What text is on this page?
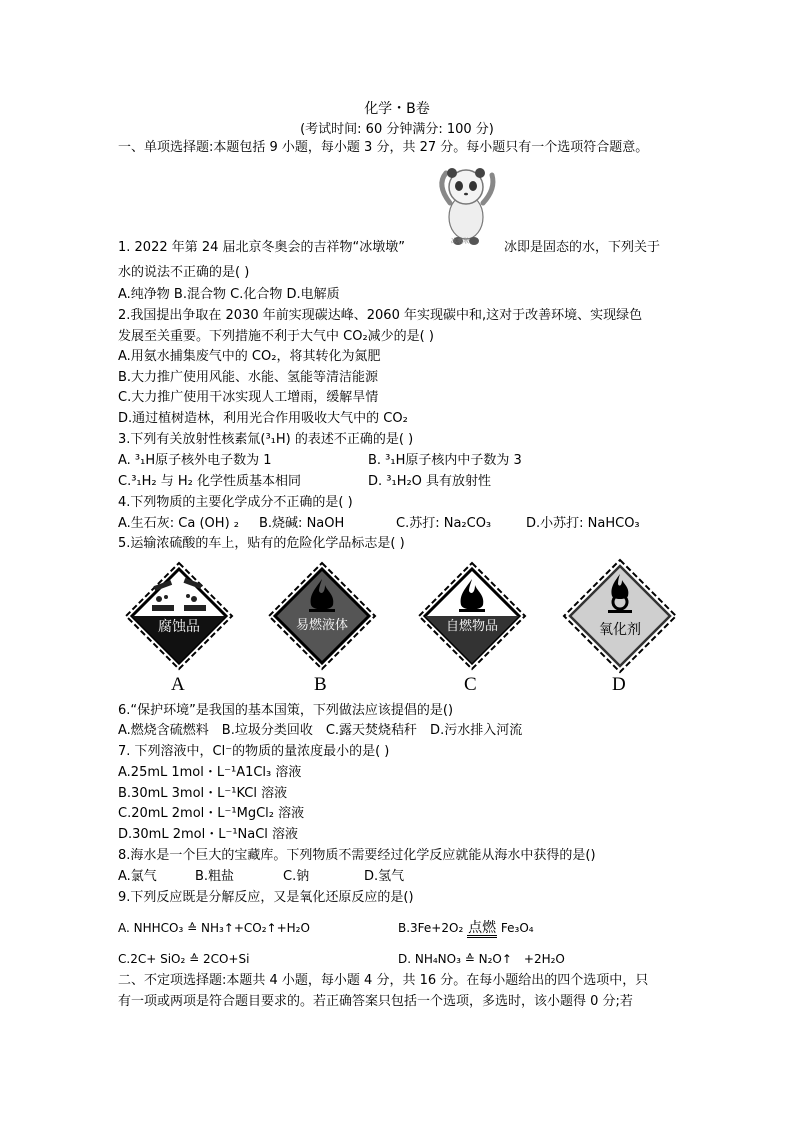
化学・B卷
(考试时间: 60 分钟满分: 100 分)
一、单项选择题:本题包括 9 小题，每小题 3 分，共 27 分。每小题只有一个选项符合题意。
冰墩墩
1. 2022 年第 24 届北京冬奥会的吉祥物“冰墩墩”	冰即是固态的水，下列关于
水的说法不正确的是( )
A.纯净物 B.混合物 C.化合物 D.电解质
2.我国提出争取在 2030 年前实现碳达峰、2060 年实现碳中和,这对于改善环境、实现绿色
发展至关重要。下列措施不利于大气中 CO₂减少的是( )
A.用氨水捕集废气中的 CO₂，将其转化为氮肥
B.大力推广使用风能、水能、氢能等清洁能源
C.大力推广使用干冰实现人工增雨，缓解旱情
D.通过植树造林，利用光合作用吸收大气中的 CO₂
3.下列有关放射性核素氚(³₁H) 的表述不正确的是( )
A. ³₁H原子核外电子数为 1	B. ³₁H原子核内中子数为 3
C.³₁H₂ 与 H₂ 化学性质基本相同	D. ³₁H₂O 具有放射性
4.下列物质的主要化学成分不正确的是( )
A.生石灰: Ca (OH) ₂ B.烧碱: NaOH	C.苏打: Na₂CO₃	D.小苏打: NaHCO₃
5.运输浓硫酸的车上，贴有的危险化学品标志是( )
腐蚀品
A
易燃液体
B
自燃物品
C
氧化剂
D
6.“保护环境”是我国的基本国策，下列做法应该提倡的是()
A.燃烧含硫燃料　B.垃圾分类回收　C.露天焚烧秸秆　D.污水排入河流
7. 下列溶液中，Cl⁻的物质的量浓度最小的是( )
A.25mL 1mol・L⁻¹A1Cl₃ 溶液
B.30mL 3mol・L⁻¹KCl 溶液
C.20mL 2mol・L⁻¹MgCl₂ 溶液
D.30mL 2mol・L⁻¹NaCl 溶液
8.海水是一个巨大的宝藏库。下列物质不需要经过化学反应就能从海水中获得的是()
A.氯气	B.粗盐	C.钠	D.氢气
9.下列反应既是分解反应，又是氧化还原反应的是()
A. NHHCO₃ ≙ NH₃↑+CO₂↑+H₂O	B.3Fe+2O₂ 点燃 Fe₃O₄
C.2C+ SiO₂ ≙ 2CO+Si	D. NH₄NO₃ ≙ N₂O↑　+2H₂O
二、不定项选择题:本题共 4 小题，每小题 4 分，共 16 分。在每小题给出的四个选项中，只
有一项或两项是符合题目要求的。若正确答案只包括一个选项，多选时，该小题得 0 分;若
